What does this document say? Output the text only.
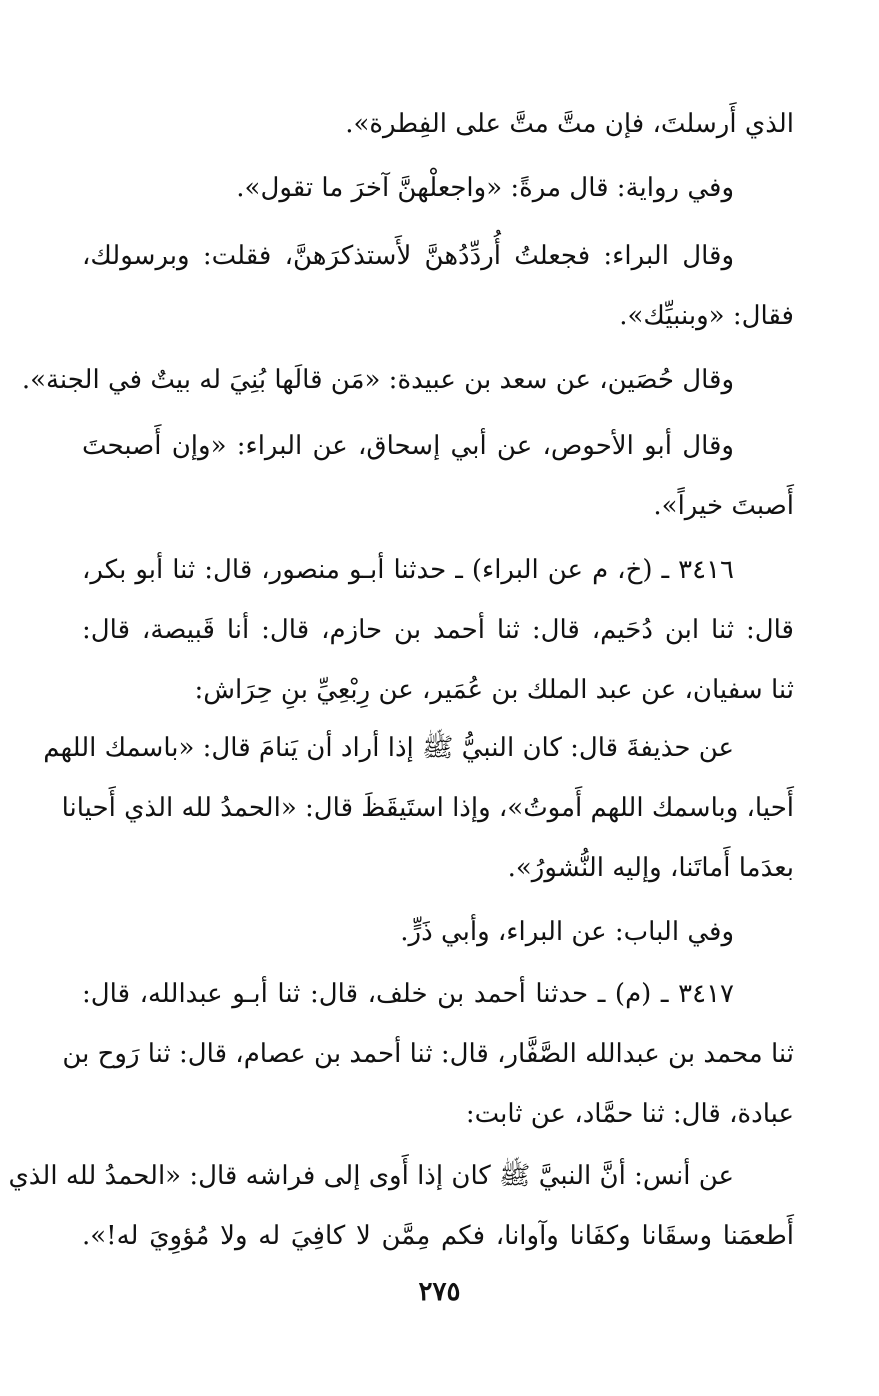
الذي أَرسلتَ، فإن متَّ متَّ على الفِطرة».
وفي رواية: قال مرةً: «واجعلْهنَّ آخرَ ما تقول».
وقال البراء: فجعلتُ أُردِّدُهنَّ لأَستذكرَهنَّ، فقلت: وبرسولك،
فقال: «وبنبيِّك».
وقال حُصَين، عن سعد بن عبيدة: «مَن قالَها بُنِيَ له بيتٌ في الجنة».
وقال أبو الأحوص، عن أبي إسحاق، عن البراء: «وإن أَصبحتَ
أَصبتَ خيراً».
٣٤١٦ ـ (خ، م عن البراء) ـ حدثنا أبـو منصور، قال: ثنا أبو بكر،
قال: ثنا ابن دُحَيم، قال: ثنا أحمد بن حازم، قال: أنا قَبيصة، قال:
ثنا سفيان، عن عبد الملك بن عُمَير، عن رِبْعِيِّ بنِ حِرَاش:
عن حذيفةَ قال: كان النبيُّ ﷺ إذا أراد أن يَنامَ قال: «باسمك اللهم
أَحيا، وباسمك اللهم أَموتُ»، وإذا استَيقَظَ قال: «الحمدُ لله الذي أَحيانا
بعدَما أَماتَنا، وإليه النُّشورُ».
وفي الباب: عن البراء، وأبي ذَرٍّ.
٣٤١٧ ـ (م) ـ حدثنا أحمد بن خلف، قال: ثنا أبـو عبدالله، قال:
ثنا محمد بن عبدالله الصَّفَّار، قال: ثنا أحمد بن عصام، قال: ثنا رَوح بن
عبادة، قال: ثنا حمَّاد، عن ثابت:
عن أنس: أنَّ النبيَّ ﷺ كان إذا أَوى إلى فراشه قال: «الحمدُ لله الذي
أَطعمَنا وسقَانا وكفَانا وآوانا، فكم مِمَّن لا كافِيَ له ولا مُؤوِيَ له!».
٢٧٥
